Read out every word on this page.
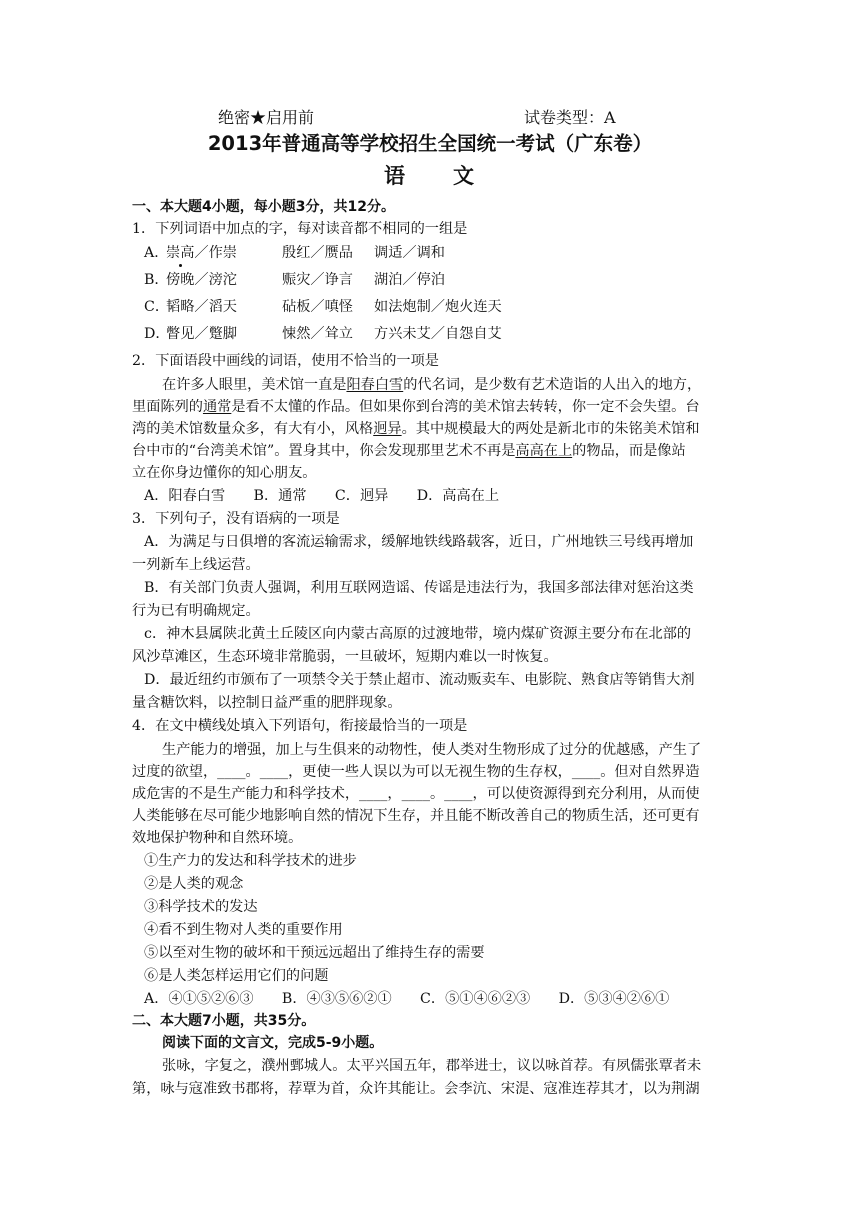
绝密★启用前	试卷类型：A
2013年普通高等学校招生全国统一考试（广东卷）
语　　文
一、本大题4小题，每小题3分，共12分。
1．下列词语中加点的字，每对读音都不相同的一组是
A．崇高／作崇	殷红／赝品 调适／调和
B．傍晚／滂沱	赈灾／诤言 湖泊／停泊
C．韬略／滔天	砧板／嗔怪 如法炮制／炮火连天
D．瞥见／蹩脚	悚然／耸立 方兴未艾／自怨自艾
2．下面语段中画线的词语，使用不恰当的一项是
在许多人眼里，美术馆一直是阳春白雪的代名词，是少数有艺术造诣的人出入的地方，
里面陈列的通常是看不太懂的作品。但如果你到台湾的美术馆去转转，你一定不会失望。台
湾的美术馆数量众多，有大有小，风格迥异。其中规模最大的两处是新北市的朱铭美术馆和
台中市的“台湾美术馆”。置身其中，你会发现那里艺术不再是高高在上的物品，而是像站
立在你身边懂你的知心朋友。
A．阳春白雪　　B．通常　　C．迥异　　D．高高在上
3．下列句子，没有语病的一项是
A．为满足与日俱增的客流运输需求，缓解地铁线路载客，近日，广州地铁三号线再增加
一列新车上线运营。
B．有关部门负责人强调，利用互联网造谣、传谣是违法行为，我国多部法律对惩治这类
行为已有明确规定。
c．神木县属陕北黄土丘陵区向内蒙古高原的过渡地带，境内煤矿资源主要分布在北部的
风沙草滩区，生态环境非常脆弱，一旦破坏，短期内难以一时恢复。
D．最近纽约市颁布了一项禁令关于禁止超市、流动贩卖车、电影院、熟食店等销售大剂
量含糖饮料，以控制日益严重的肥胖现象。
4．在文中横线处填入下列语句，衔接最恰当的一项是
生产能力的增强，加上与生俱来的动物性，使人类对生物形成了过分的优越感，产生了
过度的欲望，____。____，更使一些人误以为可以无视生物的生存权，____。但对自然界造
成危害的不是生产能力和科学技术，____，____。____，可以使资源得到充分利用，从而使
人类能够在尽可能少地影响自然的情况下生存，并且能不断改善自己的物质生活，还可更有
效地保护物种和自然环境。
①生产力的发达和科学技术的进步
②是人类的观念
③科学技术的发达
④看不到生物对人类的重要作用
⑤以至对生物的破坏和干预远远超出了维持生存的需要
⑥是人类怎样运用它们的问题
A．④①⑤②⑥③　　B．④③⑤⑥②①　　C．⑤①④⑥②③　　D．⑤③④②⑥①
二、本大题7小题，共35分。
阅读下面的文言文，完成5-9小题。
张咏，字复之，濮州鄄城人。太平兴国五年，郡举进士，议以咏首荐。有夙儒张覃者未
第，咏与寇准致书郡将，荐覃为首，众许其能让。会李沆、宋湜、寇准连荐其才，以为荆湖
